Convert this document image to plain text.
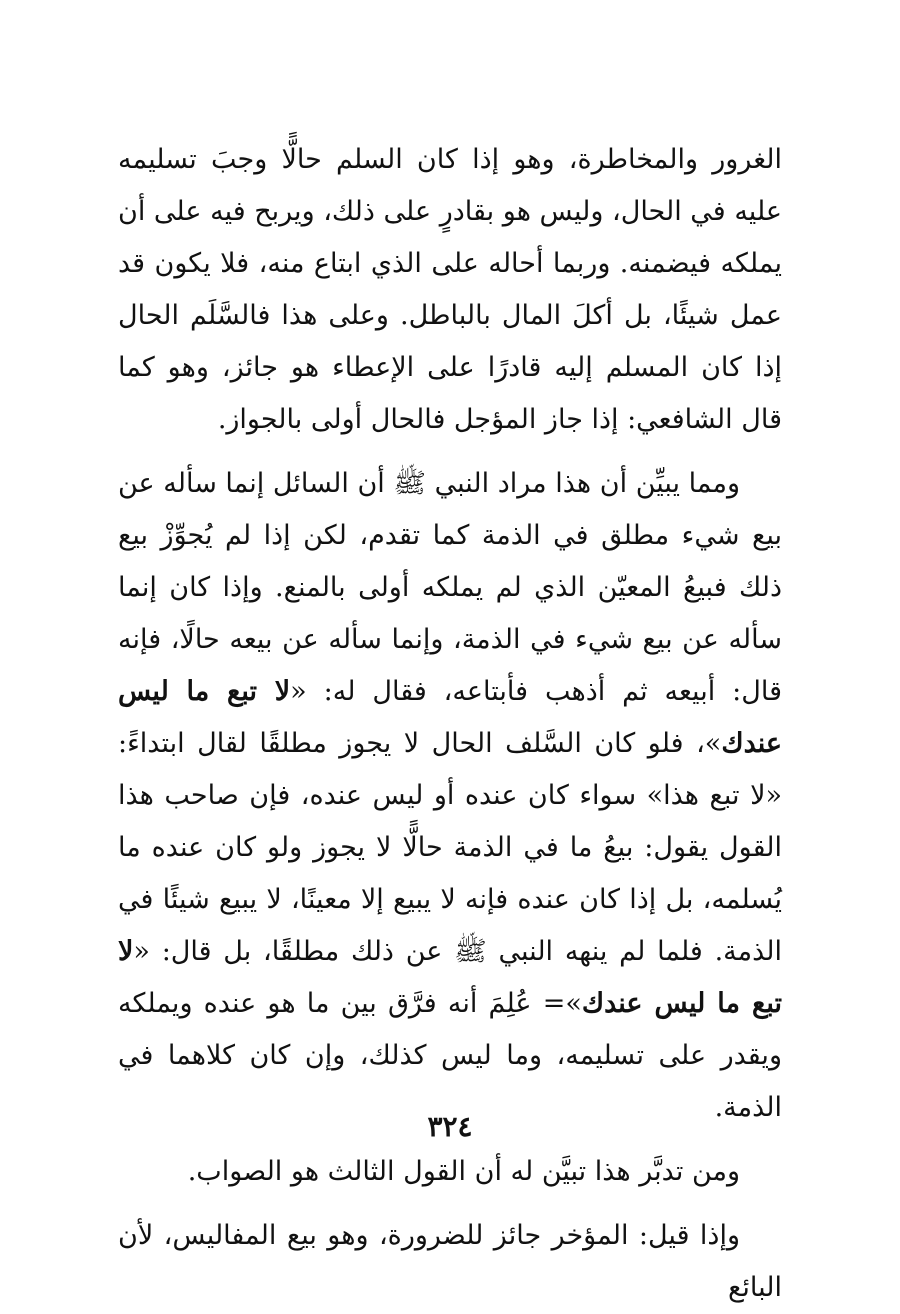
الغرور والمخاطرة، وهو إذا كان السلم حالًّا وجبَ تسليمه عليه في الحال، وليس هو بقادرٍ على ذلك، ويربح فيه على أن يملكه فيضمنه. وربما أحاله على الذي ابتاع منه، فلا يكون قد عمل شيئًا، بل أكلَ المال بالباطل. وعلى هذا فالسَّلَم الحال إذا كان المسلم إليه قادرًا على الإعطاء هو جائز، وهو كما قال الشافعي: إذا جاز المؤجل فالحال أولى بالجواز.

ومما يبيِّن أن هذا مراد النبي ﷺ أن السائل إنما سأله عن بيع شيء مطلق في الذمة كما تقدم، لكن إذا لم يُجوِّزْ بيع ذلك فبيعُ المعيّن الذي لم يملكه أولى بالمنع. وإذا كان إنما سأله عن بيع شيء في الذمة، وإنما سأله عن بيعه حالًا، فإنه قال: أبيعه ثم أذهب فأبتاعه، فقال له: «لا تبع ما ليس عندك»، فلو كان السَّلف الحال لا يجوز مطلقًا لقال ابتداءً: «لا تبع هذا» سواء كان عنده أو ليس عنده، فإن صاحب هذا القول يقول: بيعُ ما في الذمة حالًّا لا يجوز ولو كان عنده ما يُسلمه، بل إذا كان عنده فإنه لا يبيع إلا معينًا، لا يبيع شيئًا في الذمة. فلما لم ينهه النبي ﷺ عن ذلك مطلقًا، بل قال: «لا تبع ما ليس عندك»= عُلِمَ أنه فرَّق بين ما هو عنده ويملكه ويقدر على تسليمه، وما ليس كذلك، وإن كان كلاهما في الذمة.

ومن تدبَّر هذا تبيَّن له أن القول الثالث هو الصواب.

وإذا قيل: المؤخر جائز للضرورة، وهو بيع المفاليس، لأن البائع

٣٢٤
